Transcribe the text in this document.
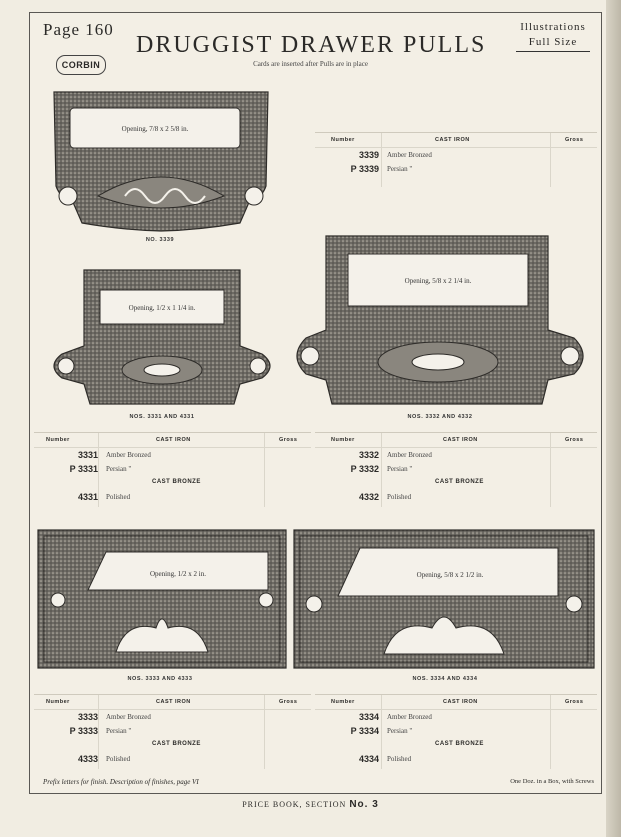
Page 160
CORBIN
DRUGGIST DRAWER PULLS
Cards are inserted after Pulls are in place
Illustrations
Full Size
Opening, 7/8 x 2 5/8 in.
NO. 3339
Number	CAST IRON	Gross
3339 Amber Bronzed
P 3339 Persian "
Opening, 1/2 x 1 1/4 in.
NOS. 3331 AND 4331
Opening, 5/8 x 2 1/4 in.
NOS. 3332 AND 4332
Number	CAST IRON	Gross
3331 Amber Bronzed
P 3331 Persian "
CAST BRONZE
4331 Polished
Number	CAST IRON	Gross
3332 Amber Bronzed
P 3332 Persian "
CAST BRONZE
4332 Polished
Opening, 1/2 x 2 in.
NOS. 3333 AND 4333
Opening, 5/8 x 2 1/2 in.
NOS. 3334 AND 4334
Number	CAST IRON	Gross
3333 Amber Bronzed
P 3333 Persian "
CAST BRONZE
4333 Polished
Number	CAST IRON	Gross
3334 Amber Bronzed
P 3334 Persian "
CAST BRONZE
4334 Polished
Prefix letters for finish. Description of finishes, page VI	One Doz. in a Box, with Screws
PRICE BOOK, SECTION No. 3
